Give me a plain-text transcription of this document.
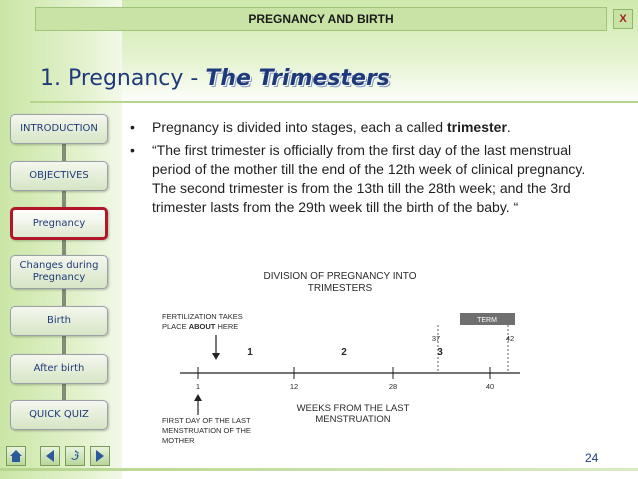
PREGNANCY AND BIRTH	X
1. Pregnancy - The Trimesters
INTRODUCTION
OBJECTIVES
Pregnancy
Changes during Pregnancy
Birth
After birth
QUICK QUIZ
• Pregnancy is divided into stages, each a called trimester.
• “The first trimester is officially from the first day of the last menstrual period of the mother till the end of the 12th week of clinical pregnancy. The second trimester is from the 13th till the 28th week; and the 3rd trimester lasts from the 29th week till the birth of the baby. “
DIVISION OF PREGNANCY INTO
TRIMESTERS
FERTILIZATION TAKES
PLACE ABOUT HERE
TERM
37	42
1	2	3
1	12	28	40
WEEKS FROM THE LAST
MENSTRUATION
FIRST DAY OF THE LAST
MENSTRUATION OF THE
MOTHER
24
